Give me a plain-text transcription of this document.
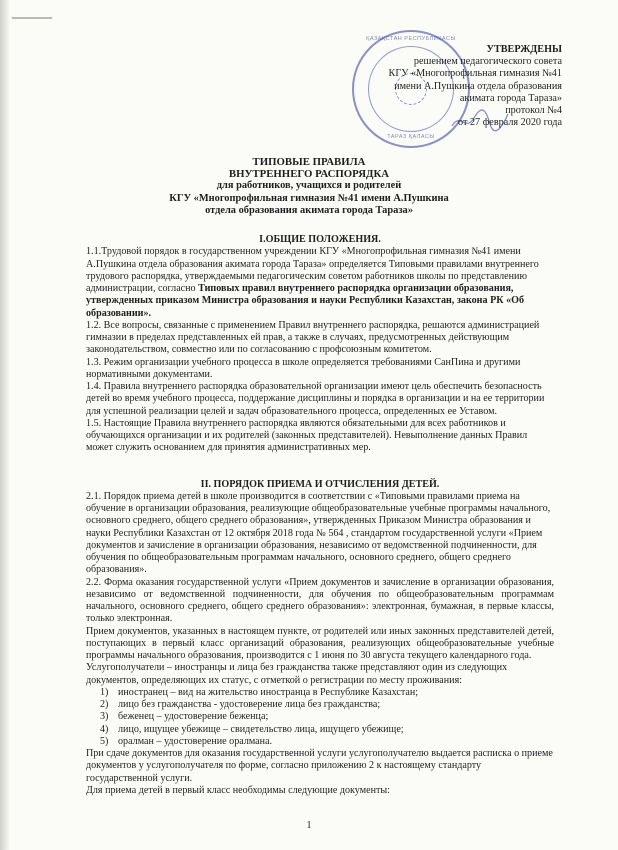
ҚАЗАҚСТАН РЕСПУБЛИКАСЫ
ТАРАЗ ҚАЛАСЫ
УТВЕРЖДЕНЫ
решением педагогического совета
КГУ «Многопрофильная гимназия №41
имени А.Пушкина отдела образования
акимата города Тараза»
протокол №4
от 27 февраля 2020 года
ТИПОВЫЕ ПРАВИЛА
ВНУТРЕННЕГО РАСПОРЯДКА
для работников, учащихся и родителей
КГУ «Многопрофильная гимназия №41 имени А.Пушкина
отдела образования акимата города Тараза»

I.ОБЩИЕ ПОЛОЖЕНИЯ.

1.1.Трудовой порядок в государственном учреждении КГУ «Многопрофильная гимназия №41 имени А.Пушкина отдела образования акимата города Тараза» определяется Типовыми правилами внутреннего трудового распорядка, утверждаемыми педагогическим советом работников школы по представлению администрации, согласно Типовых правил внутреннего распорядка организации образования, утвержденных приказом Министра образования и науки Республики Казахстан, закона РК «Об образовании».

1.2. Все вопросы, связанные с применением Правил внутреннего распорядка, решаются администрацией гимназии в пределах представленных ей прав, а также в случаях, предусмотренных действующим законодательством, совместно или по согласованию с профсоюзным комитетом.

1.3. Режим организации учебного процесса в школе определяется требованиями СанПина и другими нормативными документами.

1.4. Правила внутреннего распорядка образовательной организации имеют цель обеспечить безопасность детей во время учебного процесса, поддержание дисциплины и порядка в организации и на ее территории для успешной реализации целей и задач образовательного процесса, определенных ее Уставом.

1.5. Настоящие Правила внутреннего распорядка являются обязательными для всех работников и обучающихся организации и их родителей (законных представителей). Невыполнение данных Правил может служить основанием для принятия административных мер.

II. ПОРЯДОК ПРИЕМА И ОТЧИСЛЕНИЯ ДЕТЕЙ.

2.1. Порядок приема детей в школе производится в соответствии с «Типовыми правилами приема на обучение в организации образования, реализующие общеобразовательные учебные программы начального, основного среднего, общего среднего образования», утвержденных Приказом Министра образования и науки Республики Казахстан от 12 октября 2018 года № 564 , стандартом государственной услуги «Прием документов и зачисление в организации образования, независимо от ведомственной подчиненности, для обучения по общеобразовательным программам начального, основного среднего, общего среднего образования».

2.2. Форма оказания государственной услуги «Прием документов и зачисление в организации образования, независимо от ведомственной подчиненности, для обучения по общеобразовательным программам начального, основного среднего, общего среднего образования»: электронная, бумажная, в первые классы, только электронная.

Прием документов, указанных в настоящем пункте, от родителей или иных законных представителей детей, поступающих в первый класс организаций образования, реализующих общеобразовательные учебные программы начального образования, производится с 1 июня по 30 августа текущего календарного года.

Услугополучатели – иностранцы и лица без гражданства также представляют один из следующих документов, определяющих их статус, с отметкой о регистрации по месту проживания:

1) иностранец – вид на жительство иностранца в Республике Казахстан;
2) лицо без гражданства - удостоверение лица без гражданства;
3) беженец – удостоверение беженца;
4) лицо, ищущее убежище – свидетельство лица, ищущего убежище;
5) оралман – удостоверение оралмана.

При сдаче документов для оказания государственной услуги услугополучателю выдается расписка о приеме документов у услугополучателя по форме, согласно приложению 2 к настоящему стандарту государственной услуги.

Для приема детей в первый класс необходимы следующие документы:

1
